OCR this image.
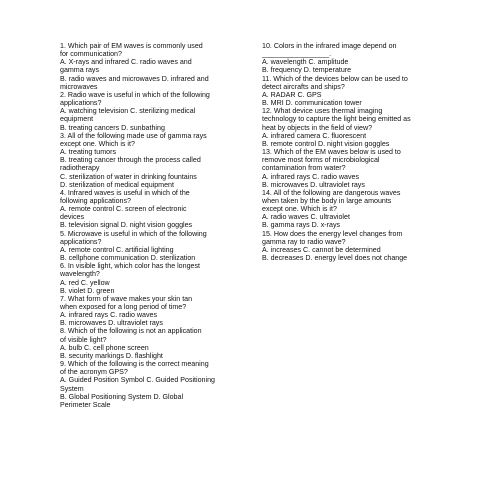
1. Which pair of EM waves is commonly used
for communication?
A. X-rays and infrared C. radio waves and
gamma rays
B. radio waves and microwaves D. infrared and
microwaves
2. Radio wave is useful in which of the following
applications?
A. watching television C. sterilizing medical
equipment
B. treating cancers D. sunbathing
3. All of the following made use of gamma rays
except one. Which is it?
A. treating tumors
B. treating cancer through the process called
radiotherapy
C. sterilization of water in drinking fountains
D. sterilization of medical equipment
4. Infrared waves is useful in which of the
following applications?
A. remote control C. screen of electronic
devices
B. television signal D. night vision goggles
5. Microwave is useful in which of the following
applications?
A. remote control C. artificial lighting
B. cellphone communication D. sterilization
6. In visible light, which color has the longest
wavelength?
A. red C. yellow
B. violet D. green
7. What form of wave makes your skin tan
when exposed for a long period of time?
A. infrared rays C. radio waves
B. microwaves D. ultraviolet rays
8. Which of the following is not an application
of visible light?
A. bulb C. cell phone screen
B. security markings D. flashlight
9. Which of the following is the correct meaning
of the acronym GPS?
A. Guided Position Symbol C. Guided Positioning
System
B. Global Positioning System D. Global
Perimeter Scale
10. Colors in the infrared image depend on
_________________.
A. wavelength C. amplitude
B. frequency D. temperature
11. Which of the devices below can be used to
detect aircrafts and ships?
A. RADAR C. GPS
B. MRI D. communication tower
12. What device uses thermal imaging
technology to capture the light being emitted as
heat by objects in the field of view?
A. infrared camera C. fluorescent
B. remote control D. night vision goggles
13. Which of the EM waves below is used to
remove most forms of microbiological
contamination from water?
A. infrared rays C. radio waves
B. microwaves D. ultraviolet rays
14. All of the following are dangerous waves
when taken by the body in large amounts
except one. Which is it?
A. radio waves C. ultraviolet
B. gamma rays D. x-rays
15. How does the energy level changes from
gamma ray to radio wave?
A. increases C. cannot be determined
B. decreases D. energy level does not change
